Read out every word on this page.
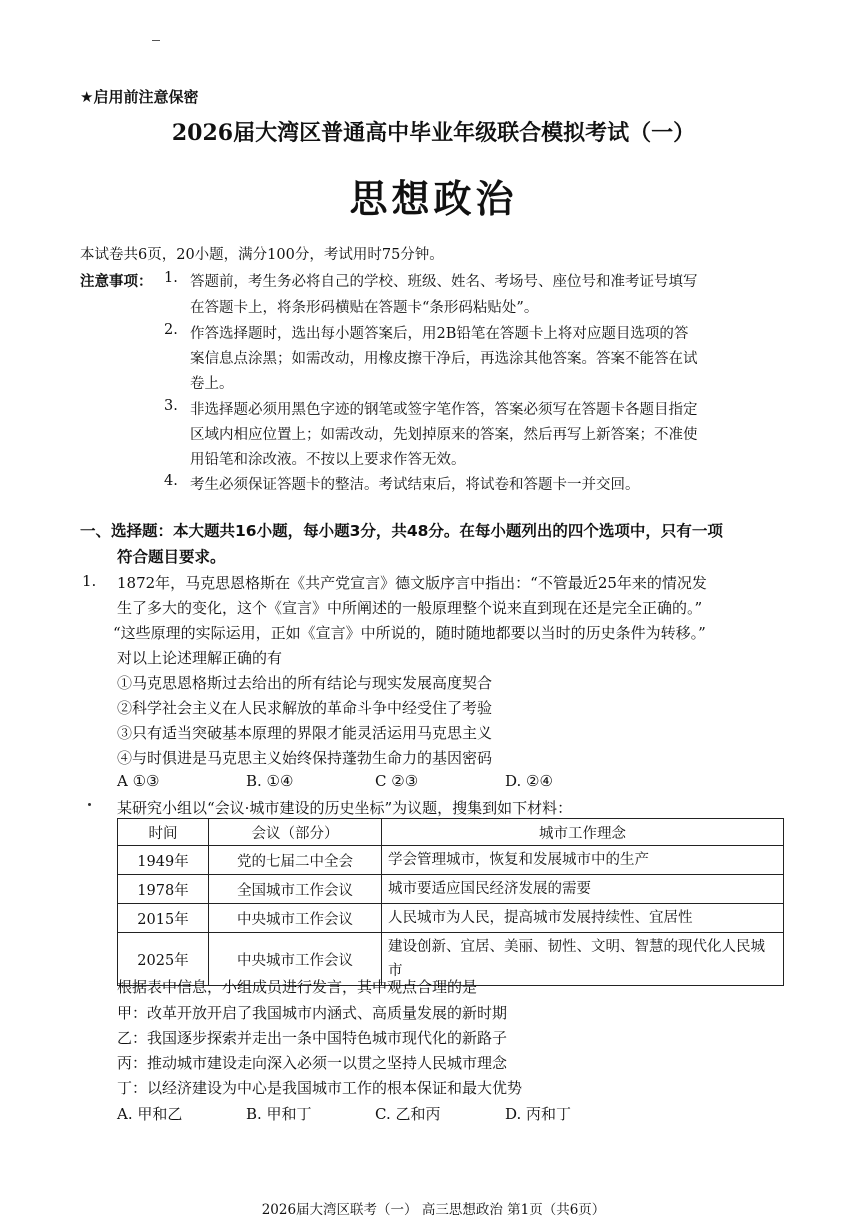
★启用前注意保密
2026届大湾区普通高中毕业年级联合模拟考试（一）
思想政治
本试卷共6页，20小题，满分100分，考试用时75分钟。
注意事项： 1. 答题前，考生务必将自己的学校、班级、姓名、考场号、座位号和准考证号填写
在答题卡上，将条形码横贴在答题卡“条形码粘贴处”。
2. 作答选择题时，选出每小题答案后，用2B铅笔在答题卡上将对应题目选项的答
案信息点涂黑；如需改动，用橡皮擦干净后，再选涂其他答案。答案不能答在试
卷上。
3. 非选择题必须用黑色字迹的钢笔或签字笔作答，答案必须写在答题卡各题目指定
区域内相应位置上；如需改动，先划掉原来的答案，然后再写上新答案；不准使
用铅笔和涂改液。不按以上要求作答无效。
4. 考生必须保证答题卡的整洁。考试结束后，将试卷和答题卡一并交回。
一、选择题：本大题共16小题，每小题3分，共48分。在每小题列出的四个选项中，只有一项
符合题目要求。
1. 1872年，马克思恩格斯在《共产党宣言》德文版序言中指出：“不管最近25年来的情况发
生了多大的变化，这个《宣言》中所阐述的一般原理整个说来直到现在还是完全正确的。”
“这些原理的实际运用，正如《宣言》中所说的，随时随地都要以当时的历史条件为转移。”
对以上论述理解正确的有
①马克思恩格斯过去给出的所有结论与现实发展高度契合
②科学社会主义在人民求解放的革命斗争中经受住了考验
③只有适当突破基本原理的界限才能灵活运用马克思主义
④与时俱进是马克思主义始终保持蓬勃生命力的基因密码
A ①③	B. ①④	C ②③	D. ②④
某研究小组以“会议·城市建设的历史坐标”为议题，搜集到如下材料：
时间	会议（部分）	城市工作理念
1949年	党的七届二中全会	学会管理城市，恢复和发展城市中的生产
1978年	全国城市工作会议	城市要适应国民经济发展的需要
2015年	中央城市工作会议	人民城市为人民，提高城市发展持续性、宜居性
2025年	中央城市工作会议	建设创新、宜居、美丽、韧性、文明、智慧的现代化人民城市
根据表中信息，小组成员进行发言，其中观点合理的是
甲：改革开放开启了我国城市内涵式、高质量发展的新时期
乙：我国逐步探索并走出一条中国特色城市现代化的新路子
丙：推动城市建设走向深入必须一以贯之坚持人民城市理念
丁：以经济建设为中心是我国城市工作的根本保证和最大优势
A. 甲和乙	B. 甲和丁	C. 乙和丙	D. 丙和丁
2026届大湾区联考（一） 高三思想政治 第1页（共6页）
